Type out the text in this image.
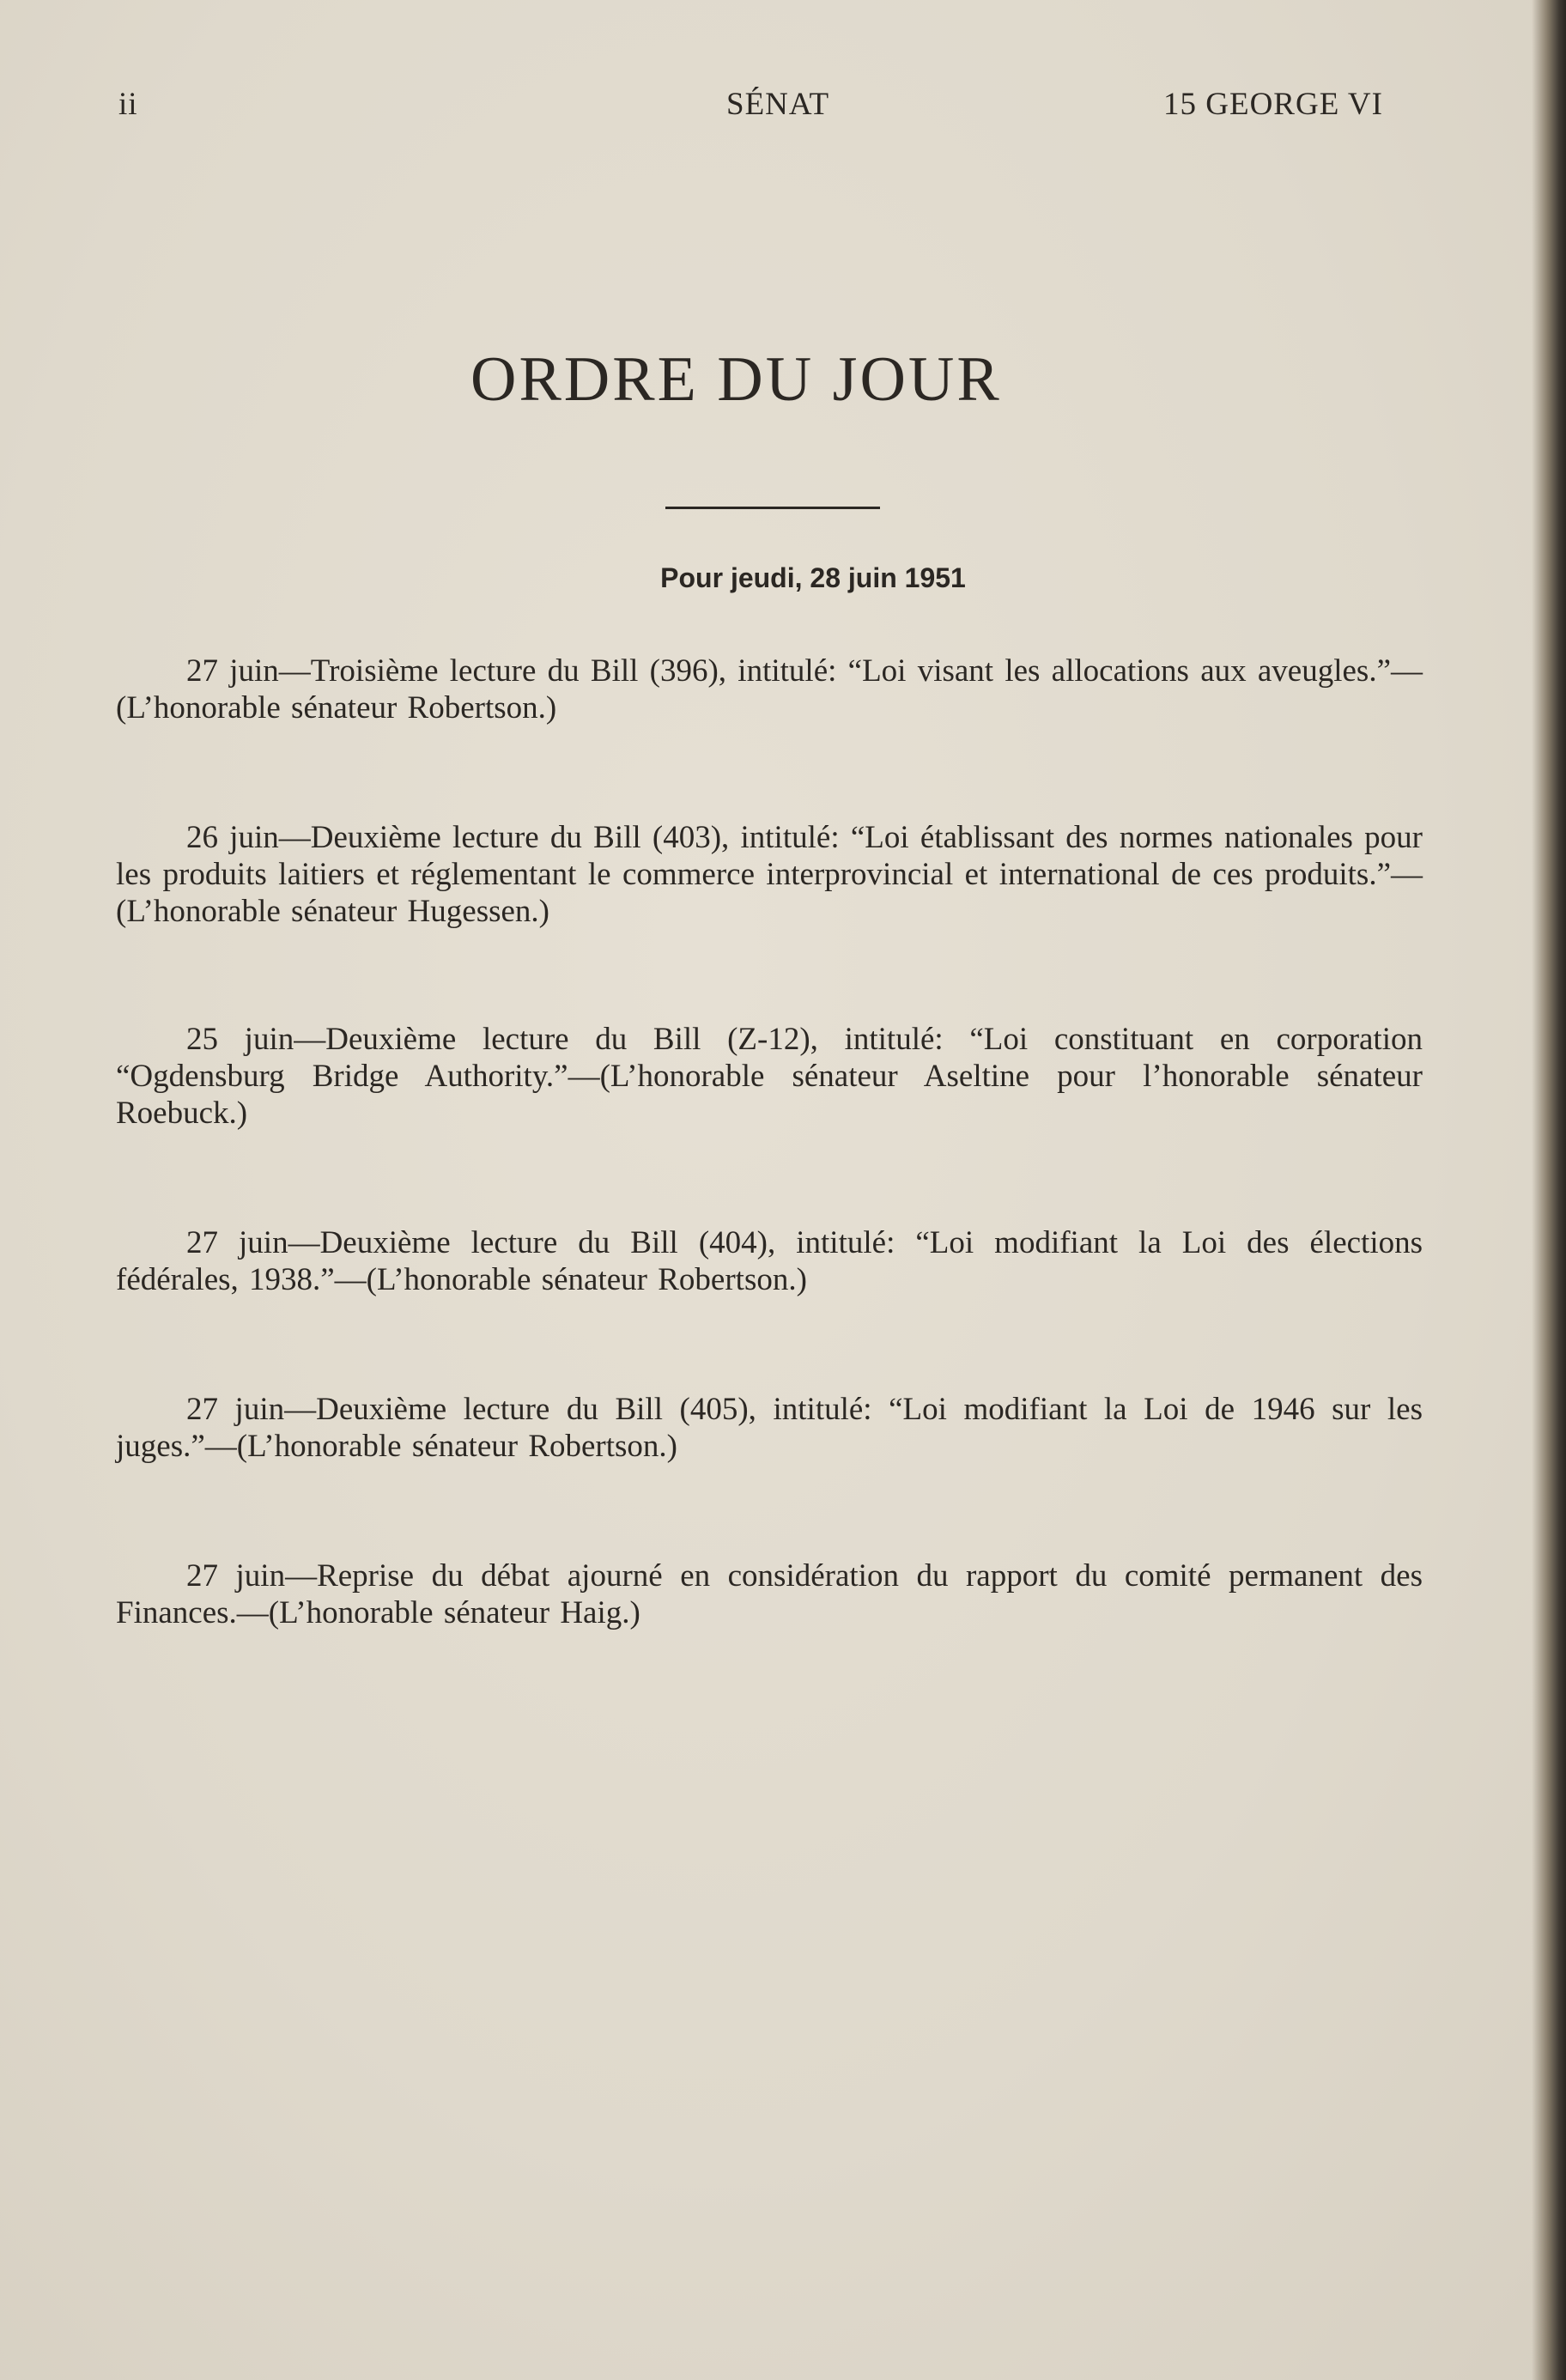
ii	SÉNAT	15 GEORGE VI
ORDRE DU JOUR
Pour jeudi, 28 juin 1951

27 juin—Troisième lecture du Bill (396), intitulé: “Loi visant les allocations aux aveugles.”—(L’honorable sénateur Robertson.)

26 juin—Deuxième lecture du Bill (403), intitulé: “Loi établissant des normes nationales pour les produits laitiers et réglementant le commerce interprovincial et international de ces produits.”—(L’honorable sénateur Hugessen.)

25 juin—Deuxième lecture du Bill (Z-12), intitulé: “Loi constituant en corporation “Ogdensburg Bridge Authority.”—(L’honorable sénateur Aseltine pour l’honorable sénateur Roebuck.)

27 juin—Deuxième lecture du Bill (404), intitulé: “Loi modifiant la Loi des élections fédérales, 1938.”—(L’honorable sénateur Robertson.)

27 juin—Deuxième lecture du Bill (405), intitulé: “Loi modifiant la Loi de 1946 sur les juges.”—(L’honorable sénateur Robertson.)

27 juin—Reprise du débat ajourné en considération du rapport du comité permanent des Finances.—(L’honorable sénateur Haig.)
